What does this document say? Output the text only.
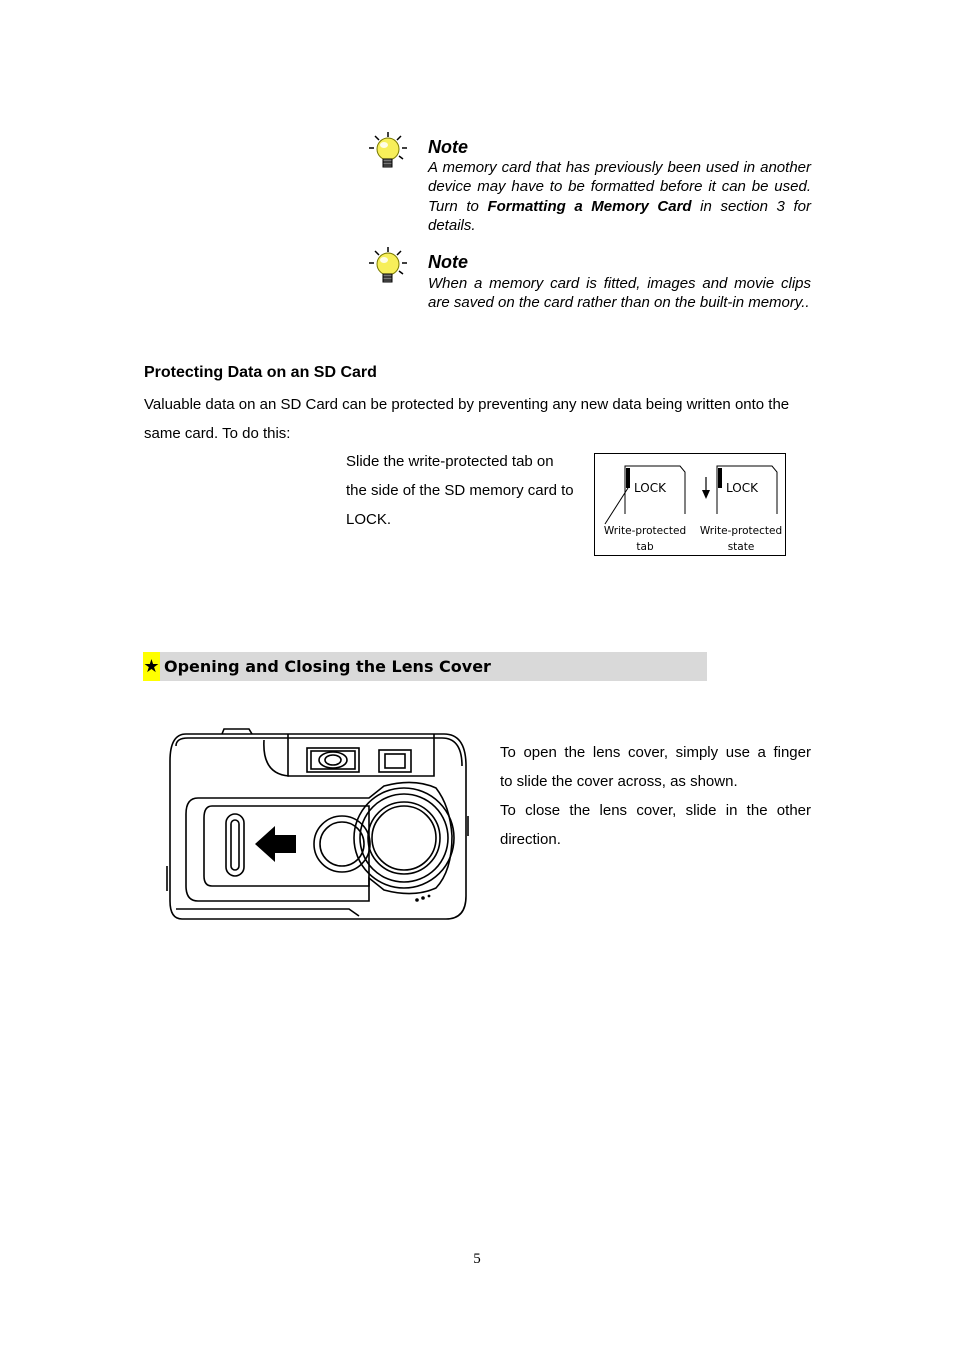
Note
A memory card that has previously been used in another device may have to be formatted before it can be used. Turn to Formatting a Memory Card in section 3 for details.
Note
When a memory card is fitted, images and movie clips are saved on the card rather than on the built-in memory..
Protecting Data on an SD Card
Valuable data on an SD Card can be protected by preventing any new data being written onto the same card. To do this:
Slide the write-protected tab on the side of the SD memory card to LOCK.
LOCK	LOCK
Write-protected
tab
Write-protected
state
★ Opening and Closing the Lens Cover
To open the lens cover, simply use a finger
to slide the cover across, as shown.
To close the lens cover, slide in the other
direction.
5
